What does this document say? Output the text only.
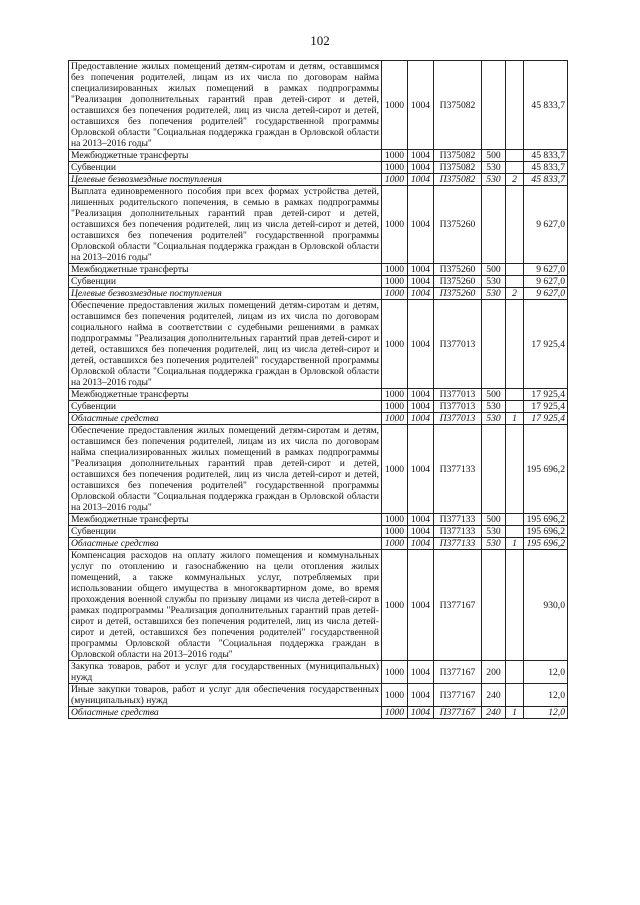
102
Предоставление жилых помещений детям-сиротам и детям, оставшимся без попечения родителей, лицам из их числа по договорам найма специализированных жилых помещений в рамках подпрограммы "Реализация дополнительных гарантий прав детей-сирот и детей, оставшихся без попечения родителей, лиц из числа детей-сирот и детей, оставшихся без попечения родителей" государственной программы Орловской области "Социальная поддержка граждан в Орловской области на 2013–2016 годы"	1000	1004	П375082			45 833,7
Межбюджетные трансферты	1000	1004	П375082	500		45 833,7
Субвенции	1000	1004	П375082	530		45 833,7
Целевые безвозмездные поступления	1000	1004	П375082	530	2	45 833,7
Выплата единовременного пособия при всех формах устройства детей, лишенных родительского попечения, в семью в рамках подпрограммы "Реализация дополнительных гарантий прав детей-сирот и детей, оставшихся без попечения родителей, лиц из числа детей-сирот и детей, оставшихся без попечения родителей" государственной программы Орловской области "Социальная поддержка граждан в Орловской области на 2013–2016 годы"	1000	1004	П375260			9 627,0
Межбюджетные трансферты	1000	1004	П375260	500		9 627,0
Субвенции	1000	1004	П375260	530		9 627,0
Целевые безвозмездные поступления	1000	1004	П375260	530	2	9 627,0
Обеспечение предоставления жилых помещений детям-сиротам и детям, оставшимся без попечения родителей, лицам из их числа по договорам социального найма в соответствии с судебными решениями в рамках подпрограммы "Реализация дополнительных гарантий прав детей-сирот и детей, оставшихся без попечения родителей, лиц из числа детей-сирот и детей, оставшихся без попечения родителей" государственной программы Орловской области "Социальная поддержка граждан в Орловской области на 2013–2016 годы"	1000	1004	П377013			17 925,4
Межбюджетные трансферты	1000	1004	П377013	500		17 925,4
Субвенции	1000	1004	П377013	530		17 925,4
Областные средства	1000	1004	П377013	530	1	17 925,4
Обеспечение предоставления жилых помещений детям-сиротам и детям, оставшимся без попечения родителей, лицам из их числа по договорам найма специализированных жилых помещений в рамках подпрограммы "Реализация дополнительных гарантий прав детей-сирот и детей, оставшихся без попечения родителей, лиц из числа детей-сирот и детей, оставшихся без попечения родителей" государственной программы Орловской области "Социальная поддержка граждан в Орловской области на 2013–2016 годы"	1000	1004	П377133			195 696,2
Межбюджетные трансферты	1000	1004	П377133	500		195 696,2
Субвенции	1000	1004	П377133	530		195 696,2
Областные средства	1000	1004	П377133	530	1	195 696,2
Компенсация расходов на оплату жилого помещения и коммунальных услуг по отоплению и газоснабжению на цели отопления жилых помещений, а также коммунальных услуг, потребляемых при использовании общего имущества в многоквартирном доме, во время прохождения военной службы по призыву лицами из числа детей-сирот в рамках подпрограммы "Реализация дополнительных гарантий прав детей-сирот и детей, оставшихся без попечения родителей, лиц из числа детей-сирот и детей, оставшихся без попечения родителей" государственной программы Орловской области "Социальная поддержка граждан в Орловской области на 2013–2016 годы"	1000	1004	П377167			930,0
Закупка товаров, работ и услуг для государственных (муниципальных) нужд	1000	1004	П377167	200		12,0
Иные закупки товаров, работ и услуг для обеспечения государственных (муниципальных) нужд	1000	1004	П377167	240		12,0
Областные средства	1000	1004	П377167	240	1	12,0
